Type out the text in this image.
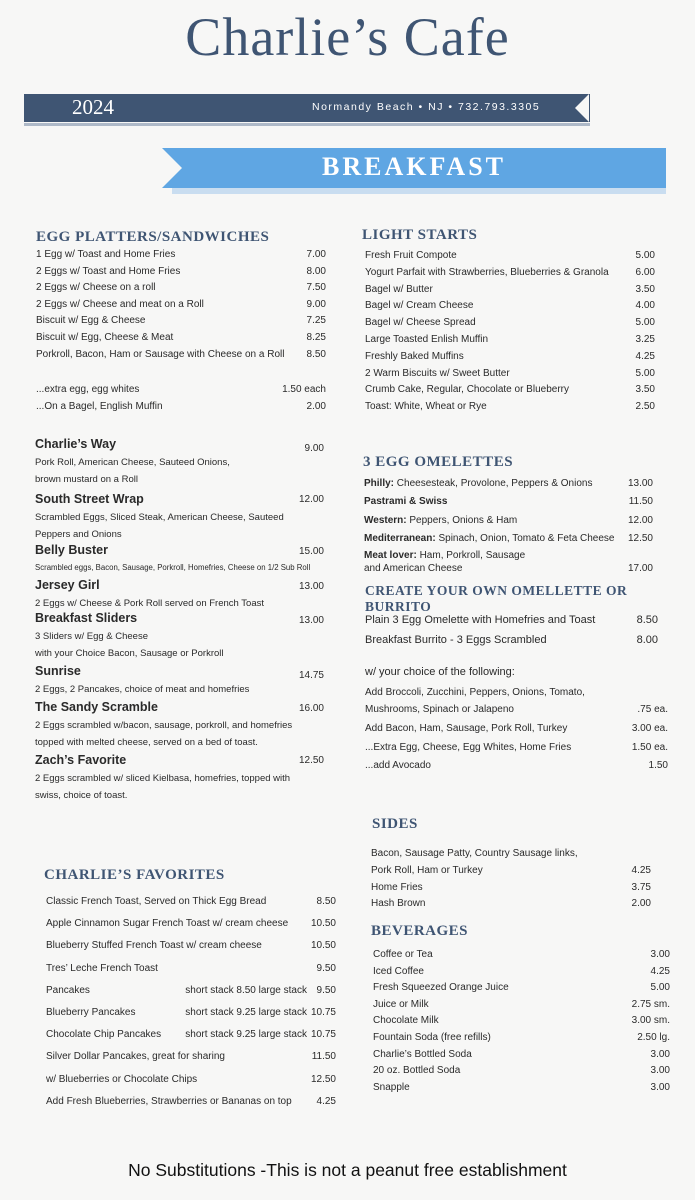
Charlie’s Cafe
2024	Normandy Beach • NJ • 732.793.3305
BREAKFAST
EGG PLATTERS/SANDWICHES
1 Egg w/ Toast and Home Fries	7.00
2 Eggs w/ Toast and Home Fries	8.00
2 Eggs w/ Cheese on a roll	7.50
2 Eggs w/ Cheese and meat on a Roll	9.00
Biscuit w/ Egg & Cheese	7.25
Biscuit w/ Egg, Cheese & Meat	8.25
Porkroll, Bacon, Ham or Sausage with Cheese on a Roll	8.50
...extra egg, egg whites	1.50 each
...On a Bagel, English Muffin	2.00
Charlie’s Way	9.00
Pork Roll, American Cheese, Sauteed Onions,
brown mustard on a Roll
South Street Wrap	12.00
Scrambled Eggs, Sliced Steak, American Cheese, Sauteed
Peppers and Onions
Belly Buster	15.00
Scrambled eggs, Bacon, Sausage, Porkroll, Homefries, Cheese on 1/2 Sub Roll
Jersey Girl	13.00
2 Eggs w/ Cheese & Pork Roll served on French Toast
Breakfast Sliders	13.00
3 Sliders w/ Egg & Cheese
with your Choice Bacon, Sausage or Porkroll
Sunrise	14.75
2 Eggs, 2 Pancakes, choice of meat and homefries
The Sandy Scramble	16.00
2 Eggs scrambled w/bacon, sausage, porkroll, and homefries
topped with melted cheese, served on a bed of toast.
Zach’s Favorite	12.50
2 Eggs scrambled w/ sliced Kielbasa, homefries, topped with
swiss, choice of toast.
CHARLIE’S FAVORITES
Classic French Toast, Served on Thick Egg Bread	8.50
Apple Cinnamon Sugar French Toast w/ cream cheese	10.50
Blueberry Stuffed French Toast w/ cream cheese	10.50
Tres’ Leche French Toast	9.50
Pancakes	short stack 8.50 large stack 9.50
Blueberry Pancakes	short stack 9.25 large stack 10.75
Chocolate Chip Pancakes	short stack 9.25 large stack 10.75
Silver Dollar Pancakes, great for sharing	11.50
w/ Blueberries or Chocolate Chips	12.50
Add Fresh Blueberries, Strawberries or Bananas on top	4.25
LIGHT STARTS
Fresh Fruit Compote	5.00
Yogurt Parfait with Strawberries, Blueberries & Granola	6.00
Bagel w/ Butter	3.50
Bagel w/ Cream Cheese	4.00
Bagel w/ Cheese Spread	5.00
Large Toasted Enlish Muffin	3.25
Freshly Baked Muffins	4.25
2 Warm Biscuits w/ Sweet Butter	5.00
Crumb Cake, Regular, Chocolate or Blueberry	3.50
Toast: White, Wheat or Rye	2.50
3 EGG OMELETTES
Philly: Cheesesteak, Provolone, Peppers & Onions	13.00
Pastrami & Swiss	11.50
Western: Peppers, Onions & Ham	12.00
Mediterranean: Spinach, Onion, Tomato & Feta Cheese	12.50
Meat lover: Ham, Porkroll, Sausage
and American Cheese	17.00
CREATE YOUR OWN OMELLETTE OR BURRITO
Plain 3 Egg Omelette with Homefries and Toast	8.50
Breakfast Burrito - 3 Eggs Scrambled	8.00
w/ your choice of the following:
Add Broccoli, Zucchini, Peppers, Onions, Tomato,
Mushrooms, Spinach or Jalapeno	.75 ea.
Add Bacon, Ham, Sausage, Pork Roll, Turkey	3.00 ea.
...Extra Egg, Cheese, Egg Whites, Home Fries	1.50 ea.
...add Avocado	1.50
SIDES
Bacon, Sausage Patty, Country Sausage links,
Pork Roll, Ham or Turkey	4.25
Home Fries	3.75
Hash Brown	2.00
BEVERAGES
Coffee or Tea	3.00
Iced Coffee	4.25
Fresh Squeezed Orange Juice	5.00
Juice or Milk	2.75 sm.
Chocolate Milk	3.00 sm.
Fountain Soda (free refills)	2.50 lg.
Charlie’s Bottled Soda	3.00
20 oz. Bottled Soda	3.00
Snapple	3.00
No Substitutions -This is not a peanut free establishment
